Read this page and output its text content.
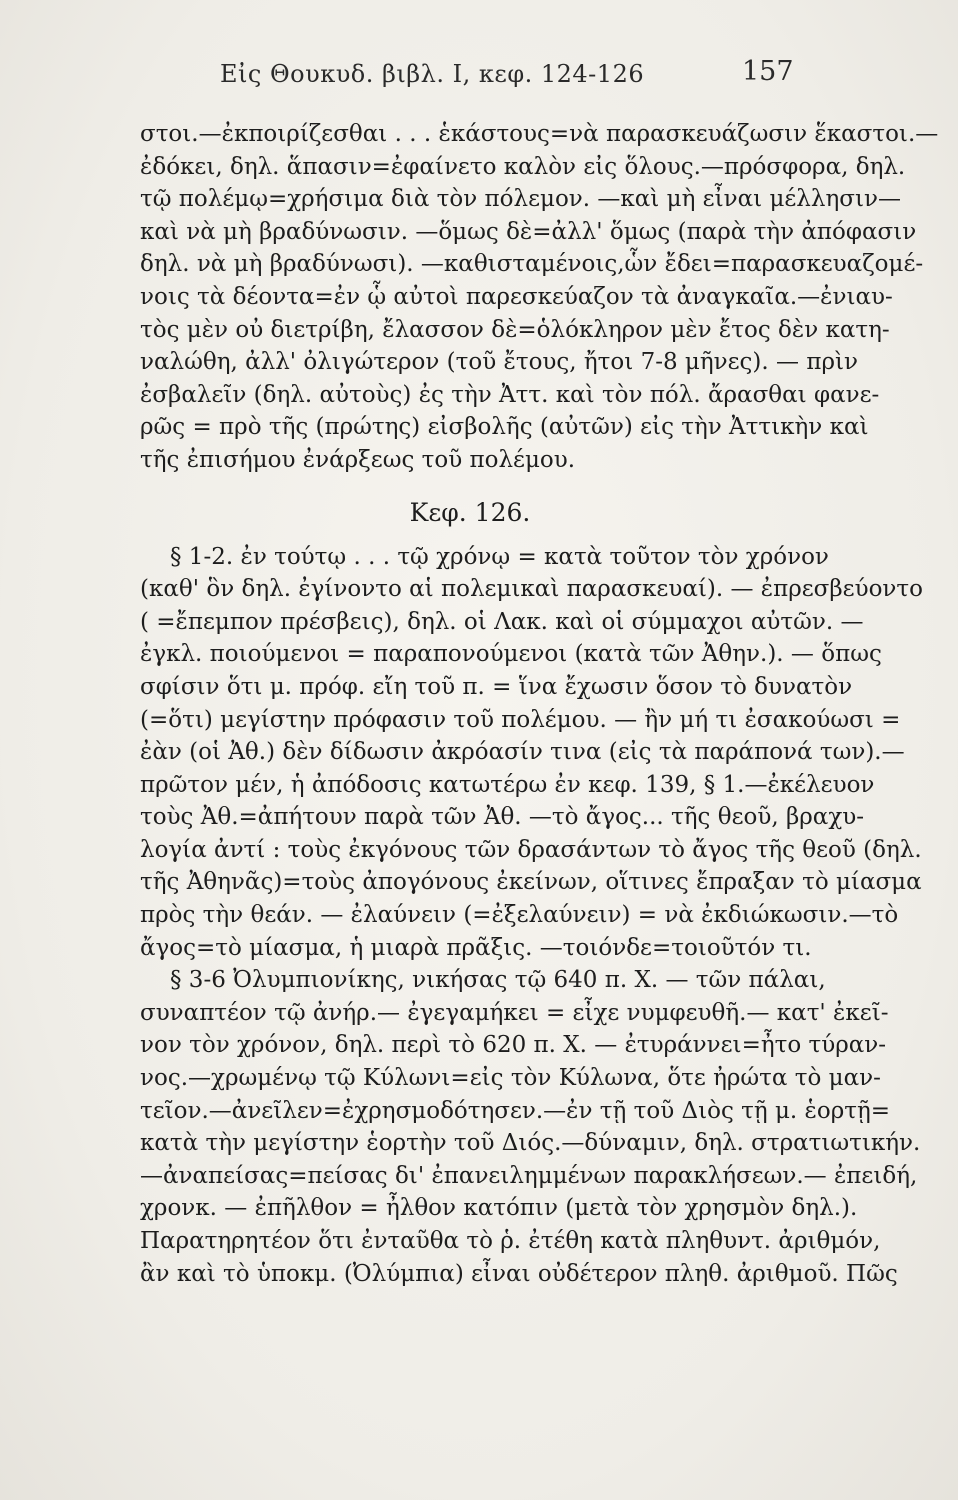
Εἰς Θουκυδ. βιβλ. Ι, κεφ. 124-126	157
στοι.—ἐκποιρίζεσθαι . . . ἑκάστους=νὰ παρασκευάζωσιν ἕκαστοι.—
ἐδόκει, δηλ. ἅπασιν=ἐφαίνετο καλὸν εἰς ὅλους.—πρόσφορα, δηλ.
τῷ πολέμῳ=χρήσιμα διὰ τὸν πόλεμον. —καὶ μὴ εἶναι μέλλησιν—
καὶ νὰ μὴ βραδύνωσιν. —ὅμως δὲ=ἀλλ' ὅμως (παρὰ τὴν ἀπόφασιν
δηλ. νὰ μὴ βραδύνωσι). —καθισταμένοις,ὧν ἔδει=παρασκευαζομέ-
νοις τὰ δέοντα=ἐν ᾧ αὐτοὶ παρεσκεύαζον τὰ ἀναγκαῖα.—ἐνιαυ-
τὸς μὲν οὐ διετρίβη, ἔλασσον δὲ=ὁλόκληρον μὲν ἔτος δὲν κατη-
ναλώθη, ἀλλ' ὀλιγώτερον (τοῦ ἔτους, ἤτοι 7-8 μῆνες). — πρὶν
ἐσβαλεῖν (δηλ. αὐτοὺς) ἐς τὴν Ἀττ. καὶ τὸν πόλ. ἄρασθαι φανε-
ρῶς = πρὸ τῆς (πρώτης) εἰσβολῆς (αὐτῶν) εἰς τὴν Ἀττικὴν καὶ
τῆς ἐπισήμου ἐνάρξεως τοῦ πολέμου.
Κεφ. 126.
§ 1-2. ἐν τούτῳ . . . τῷ χρόνῳ = κατὰ τοῦτον τὸν χρόνον
(καθ' ὃν δηλ. ἐγίνοντο αἱ πολεμικαὶ παρασκευαί). — ἐπρεσβεύοντο
( =ἔπεμπον πρέσβεις), δηλ. οἱ Λακ. καὶ οἱ σύμμαχοι αὐτῶν. —
ἐγκλ. ποιούμενοι = παραπονούμενοι (κατὰ τῶν Ἀθην.). — ὅπως
σφίσιν ὅτι μ. πρόφ. εἴη τοῦ π. = ἵνα ἔχωσιν ὅσον τὸ δυνατὸν
(=ὅτι) μεγίστην πρόφασιν τοῦ πολέμου. — ἢν μή τι ἐσακούωσι =
ἐὰν (οἱ Ἀθ.) δὲν δίδωσιν ἀκρόασίν τινα (εἰς τὰ παράπονά των).—
πρῶτον μέν, ἡ ἀπόδοσις κατωτέρω ἐν κεφ. 139, § 1.—ἐκέλευον
τοὺς Ἀθ.=ἀπήτουν παρὰ τῶν Ἀθ. —τὸ ἄγος... τῆς θεοῦ, βραχυ-
λογία ἀντί : τοὺς ἐκγόνους τῶν δρασάντων τὸ ἄγος τῆς θεοῦ (δηλ.
τῆς Ἀθηνᾶς)=τοὺς ἀπογόνους ἐκείνων, οἵτινες ἔπραξαν τὸ μίασμα
πρὸς τὴν θεάν. — ἐλαύνειν (=ἐξελαύνειν) = νὰ ἐκδιώκωσιν.—τὸ
ἄγος=τὸ μίασμα, ἡ μιαρὰ πρᾶξις. —τοιόνδε=τοιοῦτόν τι.
§ 3-6 Ὀλυμπιονίκης, νικήσας τῷ 640 π. Χ. — τῶν πάλαι,
συναπτέον τῷ ἀνήρ.— ἐγεγαμήκει = εἶχε νυμφευθῆ.— κατ' ἐκεῖ-
νον τὸν χρόνον, δηλ. περὶ τὸ 620 π. Χ. — ἐτυράννει=ἦτο τύραν-
νος.—χρωμένῳ τῷ Κύλωνι=εἰς τὸν Κύλωνα, ὅτε ἠρώτα τὸ μαν-
τεῖον.—ἀνεῖλεν=ἐχρησμοδότησεν.—ἐν τῇ τοῦ Διὸς τῇ μ. ἑορτῇ=
κατὰ τὴν μεγίστην ἑορτὴν τοῦ Διός.—δύναμιν, δηλ. στρατιωτικήν.
—ἀναπείσας=πείσας δι' ἐπανειλημμένων παρακλήσεων.— ἐπειδή,
χρονκ. — ἐπῆλθον = ἦλθον κατόπιν (μετὰ τὸν χρησμὸν δηλ.).
Παρατηρητέον ὅτι ἐνταῦθα τὸ ῥ. ἐτέθη κατὰ πληθυντ. ἀριθμόν,
ἂν καὶ τὸ ὑποκμ. (Ὀλύμπια) εἶναι οὐδέτερον πληθ. ἀριθμοῦ. Πῶς
